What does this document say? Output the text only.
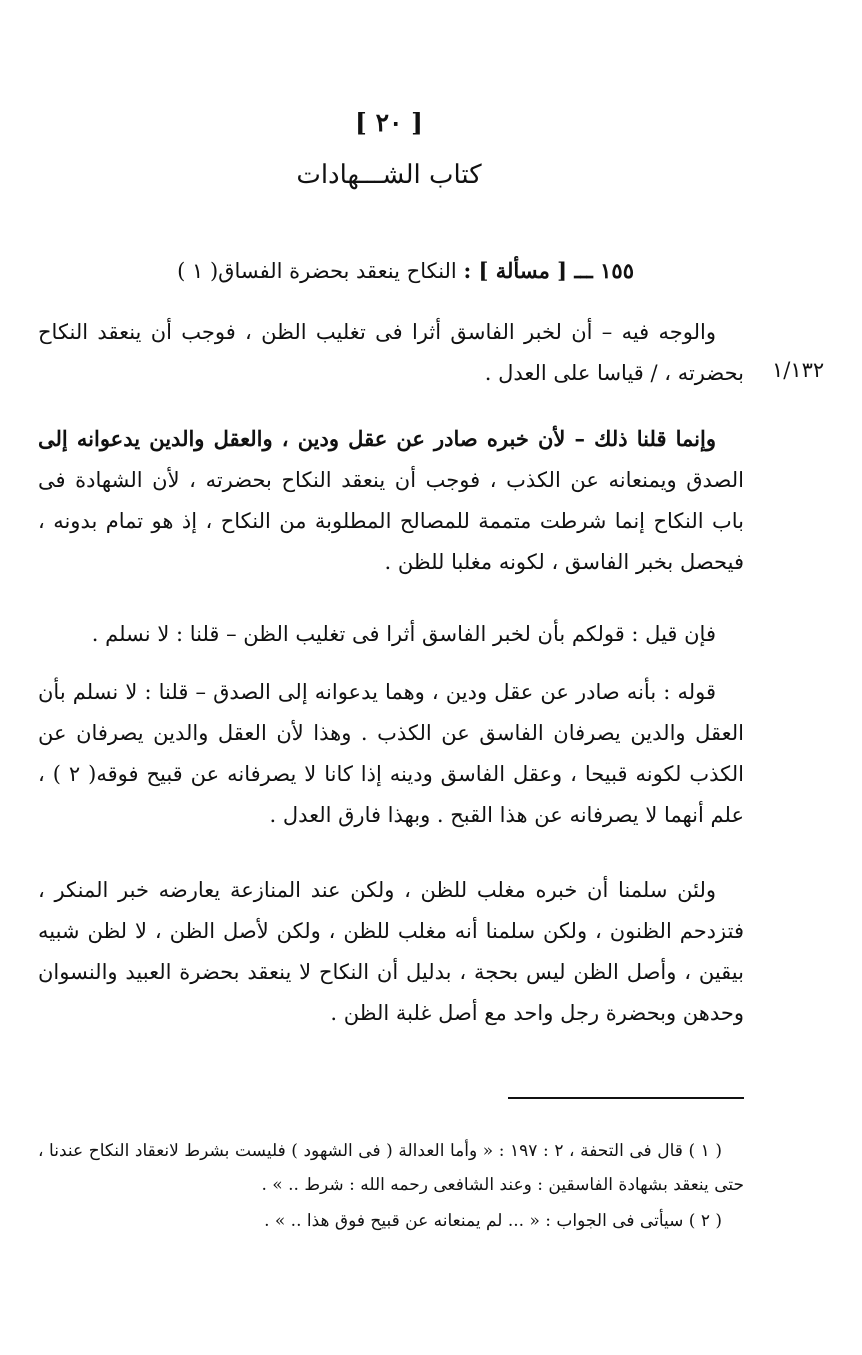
[ ٢٠ ]
كتاب الشـــهادات
١/١٣٢
١٥٥ ـــ [ مسألة ] : النكاح ينعقد بحضرة الفساق( ١ )
والوجه فيه – أن لخبر الفاسق أثرا فى تغليب الظن ، فوجب أن ينعقد النكاح بحضرته ، / قياسا على العدل .
وإنما قلنا ذلك – لأن خبره صادر عن عقل ودين ، والعقل والدين يدعوانه إلى الصدق ويمنعانه عن الكذب ، فوجب أن ينعقد النكاح بحضرته ، لأن الشهادة فى باب النكاح إنما شرطت متممة للمصالح المطلوبة من النكاح ، إذ هو تمام بدونه ، فيحصل بخبر الفاسق ، لكونه مغلبا للظن .
فإن قيل : قولكم بأن لخبر الفاسق أثرا فى تغليب الظن – قلنا : لا نسلم .
قوله : بأنه صادر عن عقل ودين ، وهما يدعوانه إلى الصدق – قلنا : لا نسلم بأن العقل والدين يصرفان الفاسق عن الكذب . وهذا لأن العقل والدين يصرفان عن الكذب لكونه قبيحا ، وعقل الفاسق ودينه إذا كانا لا يصرفانه عن قبيح فوقه( ٢ ) ، علم أنهما لا يصرفانه عن هذا القبح . وبهذا فارق العدل .
ولئن سلمنا أن خبره مغلب للظن ، ولكن عند المنازعة يعارضه خبر المنكر ، فتزدحم الظنون ، ولكن سلمنا أنه مغلب للظن ، ولكن لأصل الظن ، لا لظن شبيه بيقين ، وأصل الظن ليس بحجة ، بدليل أن النكاح لا ينعقد بحضرة العبيد والنسوان وحدهن وبحضرة رجل واحد مع أصل غلبة الظن .
( ١ ) قال فى التحفة ، ٢ : ١٩٧ : « وأما العدالة ( فى الشهود ) فليست بشرط لانعقاد النكاح عندنا ، حتى ينعقد بشهادة الفاسقين : وعند الشافعى رحمه الله : شرط .. » .
( ٢ ) سيأتى فى الجواب : « ... لم يمنعانه عن قبيح فوق هذا .. » .
